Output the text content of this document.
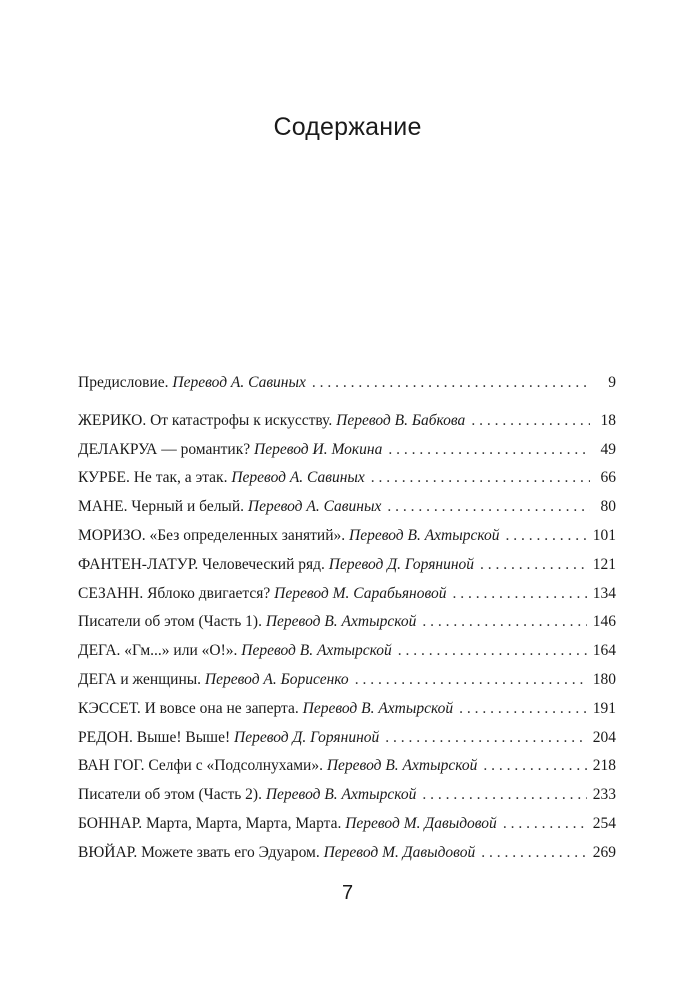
Содержание
Предисловие. Перевод А. Савиных . . .	9
ЖЕРИКО. От катастрофы к искусству. Перевод В. Бабкова . . .	18
ДЕЛАКРУА — романтик? Перевод И. Мокина . . .	49
КУРБЕ. Не так, а этак. Перевод А. Савиных . . .	66
МАНЕ. Черный и белый. Перевод А. Савиных . . .	80
МОРИЗО. «Без определенных занятий». Перевод В. Ахтырской . . .	101
ФАНТЕН-ЛАТУР. Человеческий ряд. Перевод Д. Горяниной . . .	121
СЕЗАНН. Яблоко двигается? Перевод М. Сарабьяновой . . .	134
Писатели об этом (Часть 1). Перевод В. Ахтырской . . .	146
ДЕГА. «Гм...» или «О!». Перевод В. Ахтырской . . .	164
ДЕГА и женщины. Перевод А. Борисенко . . .	180
КЭССЕТ. И вовсе она не заперта. Перевод В. Ахтырской . . .	191
РЕДОН. Выше! Выше! Перевод Д. Горяниной . . .	204
ВАН ГОГ. Селфи с «Подсолнухами». Перевод В. Ахтырской . . .	218
Писатели об этом (Часть 2). Перевод В. Ахтырской . . .	233
БОННАР. Марта, Марта, Марта, Марта. Перевод М. Давыдовой . . .	254
ВЮЙАР. Можете звать его Эдуаром. Перевод М. Давыдовой . . .	269
7
